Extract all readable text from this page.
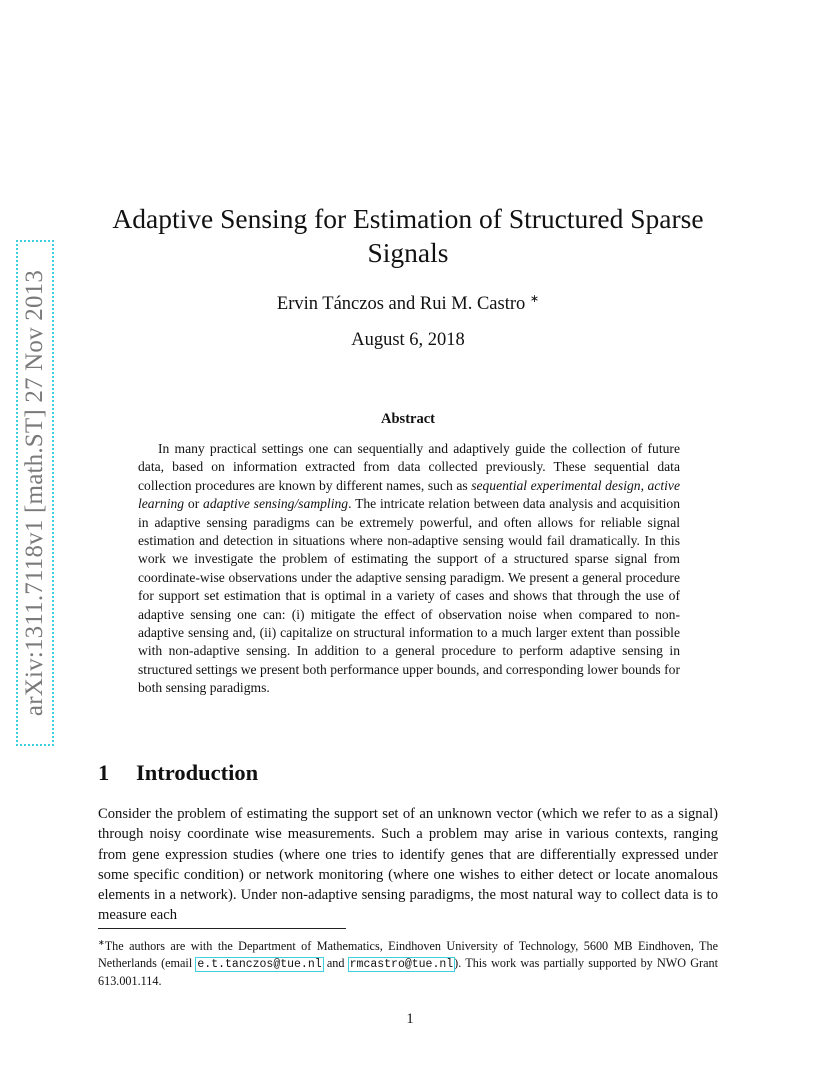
arXiv:1311.7118v1 [math.ST] 27 Nov 2013
Adaptive Sensing for Estimation of Structured Sparse Signals
Ervin Tánczos and Rui M. Castro ∗
August 6, 2018
Abstract

In many practical settings one can sequentially and adaptively guide the collection of future data, based on information extracted from data collected previously. These sequential data collection procedures are known by different names, such as sequential experimental design, active learning or adaptive sensing/sampling. The intricate relation between data analysis and acquisition in adaptive sensing paradigms can be extremely powerful, and often allows for reliable signal estimation and detection in situations where non-adaptive sensing would fail dramatically. In this work we investigate the problem of estimating the support of a structured sparse signal from coordinate-wise observations under the adaptive sensing paradigm. We present a general procedure for support set estimation that is optimal in a variety of cases and shows that through the use of adaptive sensing one can: (i) mitigate the effect of observation noise when compared to non-adaptive sensing and, (ii) capitalize on structural information to a much larger extent than possible with non-adaptive sensing. In addition to a general procedure to perform adaptive sensing in structured settings we present both performance upper bounds, and corresponding lower bounds for both sensing paradigms.

1 Introduction

Consider the problem of estimating the support set of an unknown vector (which we refer to as a signal) through noisy coordinate wise measurements. Such a problem may arise in various contexts, ranging from gene expression studies (where one tries to identify genes that are differentially expressed under some specific condition) or network monitoring (where one wishes to either detect or locate anomalous elements in a network). Under non-adaptive sensing paradigms, the most natural way to collect data is to measure each

∗The authors are with the Department of Mathematics, Eindhoven University of Technology, 5600 MB Eindhoven, The Netherlands (email e.t.tanczos@tue.nl and rmcastro@tue.nl). This work was partially supported by NWO Grant 613.001.114.

1
